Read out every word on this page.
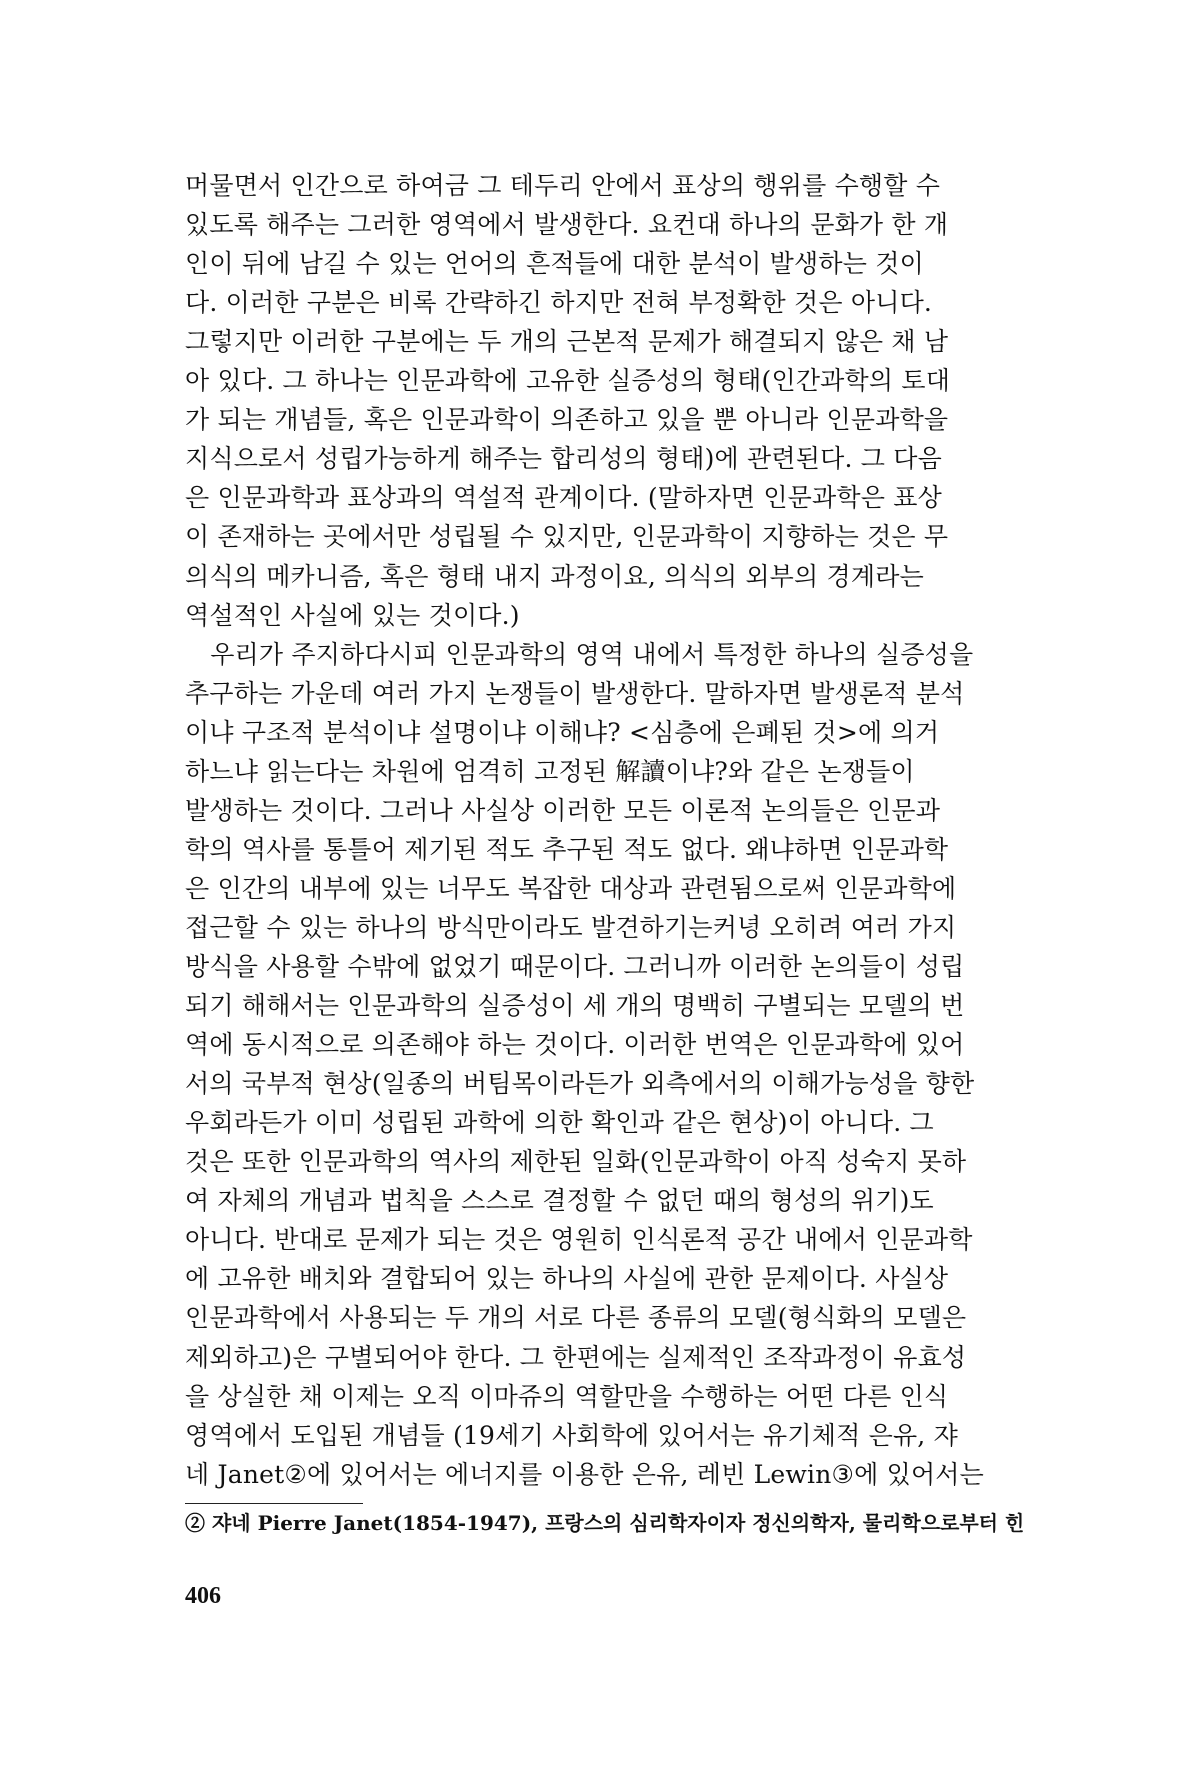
머물면서 인간으로 하여금 그 테두리 안에서 표상의 행위를 수행할 수
있도록 해주는 그러한 영역에서 발생한다. 요컨대 하나의 문화가 한 개
인이 뒤에 남길 수 있는 언어의 흔적들에 대한 분석이 발생하는 것이
다. 이러한 구분은 비록 간략하긴 하지만 전혀 부정확한 것은 아니다.
그렇지만 이러한 구분에는 두 개의 근본적 문제가 해결되지 않은 채 남
아 있다. 그 하나는 인문과학에 고유한 실증성의 형태(인간과학의 토대
가 되는 개념들, 혹은 인문과학이 의존하고 있을 뿐 아니라 인문과학을
지식으로서 성립가능하게 해주는 합리성의 형태)에 관련된다. 그 다음
은 인문과학과 표상과의 역설적 관계이다. (말하자면 인문과학은 표상
이 존재하는 곳에서만 성립될 수 있지만, 인문과학이 지향하는 것은 무
의식의 메카니즘, 혹은 형태 내지 과정이요, 의식의 외부의 경계라는
역설적인 사실에 있는 것이다.)
　우리가 주지하다시피 인문과학의 영역 내에서 특정한 하나의 실증성을
추구하는 가운데 여러 가지 논쟁들이 발생한다. 말하자면 발생론적 분석
이냐 구조적 분석이냐 설명이냐 이해냐? <심층에 은폐된 것>에 의거
하느냐 읽는다는 차원에 엄격히 고정된 解讀이냐?와 같은 논쟁들이
발생하는 것이다. 그러나 사실상 이러한 모든 이론적 논의들은 인문과
학의 역사를 통틀어 제기된 적도 추구된 적도 없다. 왜냐하면 인문과학
은 인간의 내부에 있는 너무도 복잡한 대상과 관련됨으로써 인문과학에
접근할 수 있는 하나의 방식만이라도 발견하기는커녕 오히려 여러 가지
방식을 사용할 수밖에 없었기 때문이다. 그러니까 이러한 논의들이 성립
되기 해해서는 인문과학의 실증성이 세 개의 명백히 구별되는 모델의 번
역에 동시적으로 의존해야 하는 것이다. 이러한 번역은 인문과학에 있어
서의 국부적 현상(일종의 버팀목이라든가 외측에서의 이해가능성을 향한
우회라든가 이미 성립된 과학에 의한 확인과 같은 현상)이 아니다. 그
것은 또한 인문과학의 역사의 제한된 일화(인문과학이 아직 성숙지 못하
여 자체의 개념과 법칙을 스스로 결정할 수 없던 때의 형성의 위기)도
아니다. 반대로 문제가 되는 것은 영원히 인식론적 공간 내에서 인문과학
에 고유한 배치와 결합되어 있는 하나의 사실에 관한 문제이다. 사실상
인문과학에서 사용되는 두 개의 서로 다른 종류의 모델(형식화의 모델은
제외하고)은 구별되어야 한다. 그 한편에는 실제적인 조작과정이 유효성
을 상실한 채 이제는 오직 이마쥬의 역할만을 수행하는 어떤 다른 인식
영역에서 도입된 개념들 (19세기 사회학에 있어서는 유기체적 은유, 쟈
네 Janet②에 있어서는 에너지를 이용한 은유, 레빈 Lewin③에 있어서는
② 쟈네 Pierre Janet(1854-1947), 프랑스의 심리학자이자 정신의학자, 물리학으로부터 힌
406
